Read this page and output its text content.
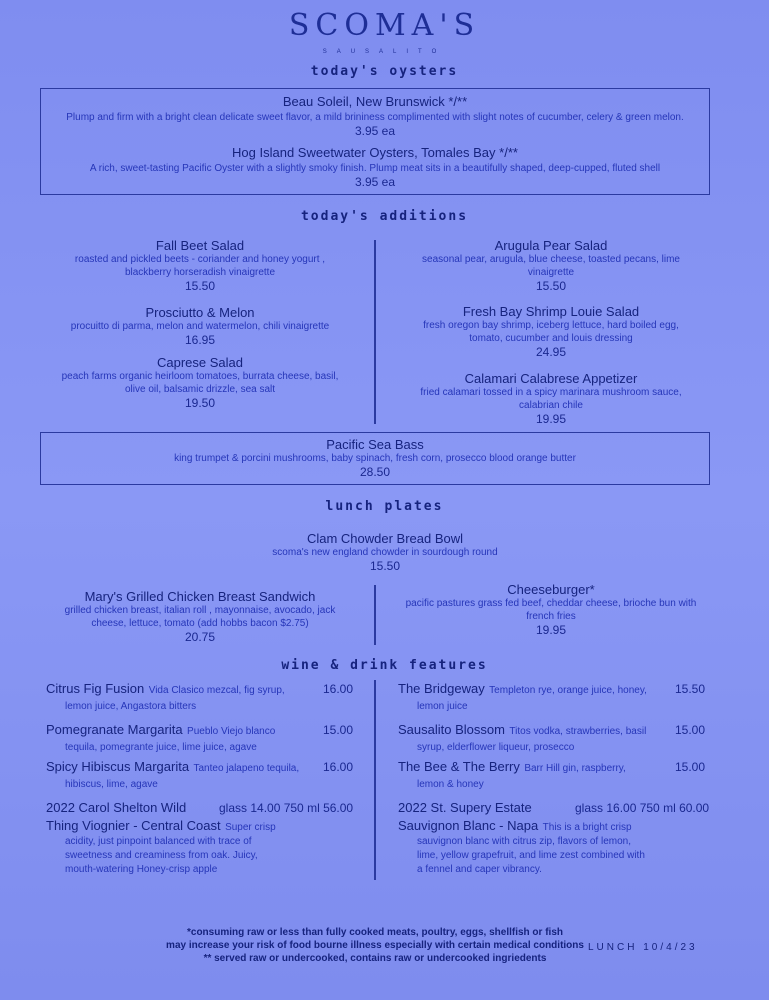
SCOMA'S
SAUSALITO
today's oysters
Beau Soleil, New Brunswick */**
Plump and firm with a bright clean delicate sweet flavor, a mild brininess complimented with slight notes of cucumber, celery & green melon.
3.95 ea
Hog Island Sweetwater Oysters, Tomales Bay */**
A rich, sweet-tasting Pacific Oyster with a slightly smoky finish. Plump meat sits in a beautifully shaped, deep-cupped, fluted shell
3.95 ea
today's additions
Fall Beet Salad
roasted and pickled beets - coriander and honey yogurt ,
blackberry horseradish vinaigrette
15.50
Prosciutto & Melon
procuitto di parma, melon and watermelon, chili vinaigrette
16.95
Caprese Salad
peach farms organic heirloom tomatoes, burrata cheese, basil,
olive oil, balsamic drizzle, sea salt
19.50
Arugula Pear Salad
seasonal pear, arugula, blue cheese, toasted pecans, lime
vinaigrette
15.50
Fresh Bay Shrimp Louie Salad
fresh oregon bay shrimp, iceberg lettuce, hard boiled egg,
tomato, cucumber and louis dressing
24.95
Calamari Calabrese Appetizer
fried calamari tossed in a spicy marinara mushroom sauce,
calabrian chile
19.95
Pacific Sea Bass
king trumpet & porcini mushrooms, baby spinach, fresh corn, prosecco blood orange butter
28.50
lunch plates
Clam Chowder Bread Bowl
scoma's new england chowder in sourdough round
15.50
Mary's Grilled Chicken Breast Sandwich
grilled chicken breast, italian roll , mayonnaise, avocado, jack
cheese, lettuce, tomato (add hobbs bacon $2.75)
20.75
Cheeseburger*
pacific pastures grass fed beef, cheddar cheese, brioche bun with
french fries
19.95
wine & drink features
Citrus Fig Fusion Vida Clasico mezcal, fig syrup,
lemon juice, Angastora bitters
16.00
Pomegranate Margarita Pueblo Viejo blanco
tequila, pomegrante juice, lime juice, agave
15.00
Spicy Hibiscus Margarita Tanteo jalapeno tequila,
hibiscus, lime, agave
16.00
The Bridgeway Templeton rye, orange juice, honey,
lemon juice
15.50
Sausalito Blossom Titos vodka, strawberries, basil
syrup, elderflower liqueur, prosecco
15.00
The Bee & The Berry Barr Hill gin, raspberry,
lemon & honey
15.00
2022 Carol Shelton Wild
Thing Viognier - Central Coast Super crisp
acidity, just pinpoint balanced with trace of
sweetness and creaminess from oak. Juicy,
mouth-watering Honey-crisp apple
glass 14.00 750 ml 56.00	2022 St. Supery Estate
Sauvignon Blanc - Napa This is a bright crisp
sauvignon blanc with citrus zip, flavors of lemon,
lime, yellow grapefruit, and lime zest combined with
a fennel and caper vibrancy.
glass 16.00 750 ml 60.00
*consuming raw or less than fully cooked meats, poultry, eggs, shellfish or fish
may increase your risk of food bourne illness especially with certain medical conditions
** served raw or undercooked, contains raw or undercooked ingriedents
LUNCH 10/4/23
